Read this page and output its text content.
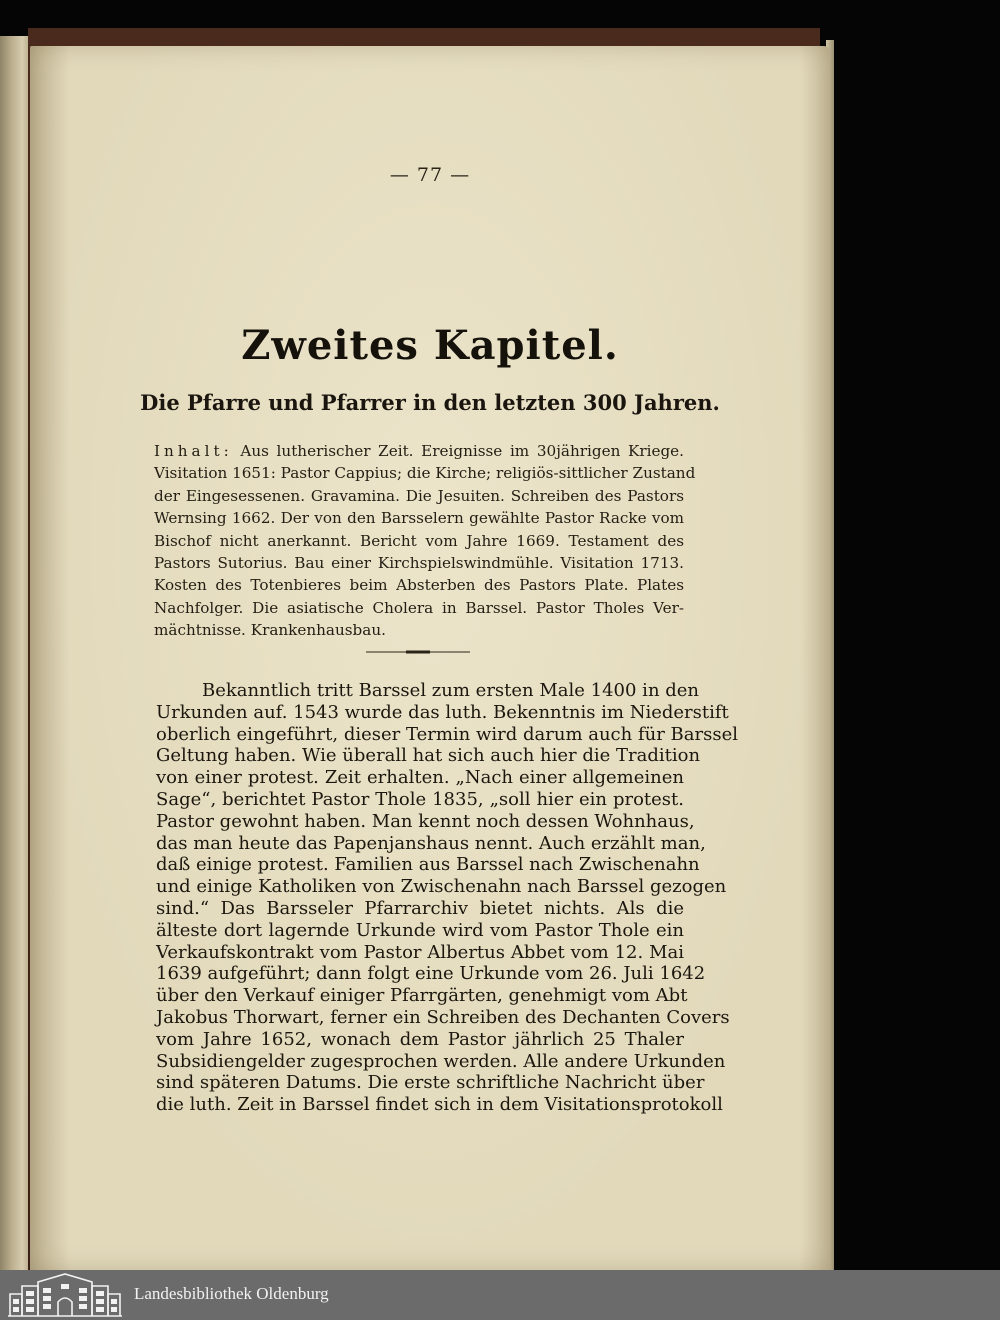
— 77 —
Zweites Kapitel.
Die Pfarre und Pfarrer in den letzten 300 Jahren.
Inhalt: Aus lutherischer Zeit. Ereignisse im 30jährigen Kriege.
Visitation 1651: Pastor Cappius; die Kirche; religiös-sittlicher Zustand
der Eingesessenen. Gravamina. Die Jesuiten. Schreiben des Pastors
Wernsing 1662. Der von den Barsselern gewählte Pastor Racke vom
Bischof nicht anerkannt. Bericht vom Jahre 1669. Testament des
Pastors Sutorius. Bau einer Kirchspielswindmühle. Visitation 1713.
Kosten des Totenbieres beim Absterben des Pastors Plate. Plates
Nachfolger. Die asiatische Cholera in Barssel. Pastor Tholes Ver-
mächtnisse. Krankenhausbau.
Bekanntlich tritt Barssel zum ersten Male 1400 in den
Urkunden auf. 1543 wurde das luth. Bekenntnis im Niederstift
oberlich eingeführt, dieser Termin wird darum auch für Barssel
Geltung haben. Wie überall hat sich auch hier die Tradition
von einer protest. Zeit erhalten. „Nach einer allgemeinen
Sage“, berichtet Pastor Thole 1835, „soll hier ein protest.
Pastor gewohnt haben. Man kennt noch dessen Wohnhaus,
das man heute das Papenjanshaus nennt. Auch erzählt man,
daß einige protest. Familien aus Barssel nach Zwischenahn
und einige Katholiken von Zwischenahn nach Barssel gezogen
sind.“ Das Barsseler Pfarrarchiv bietet nichts. Als die
älteste dort lagernde Urkunde wird vom Pastor Thole ein
Verkaufskontrakt vom Pastor Albertus Abbet vom 12. Mai
1639 aufgeführt; dann folgt eine Urkunde vom 26. Juli 1642
über den Verkauf einiger Pfarrgärten, genehmigt vom Abt
Jakobus Thorwart, ferner ein Schreiben des Dechanten Covers
vom Jahre 1652, wonach dem Pastor jährlich 25 Thaler
Subsidiengelder zugesprochen werden. Alle andere Urkunden
sind späteren Datums. Die erste schriftliche Nachricht über
die luth. Zeit in Barssel findet sich in dem Visitationsprotokoll
Landesbibliothek Oldenburg
